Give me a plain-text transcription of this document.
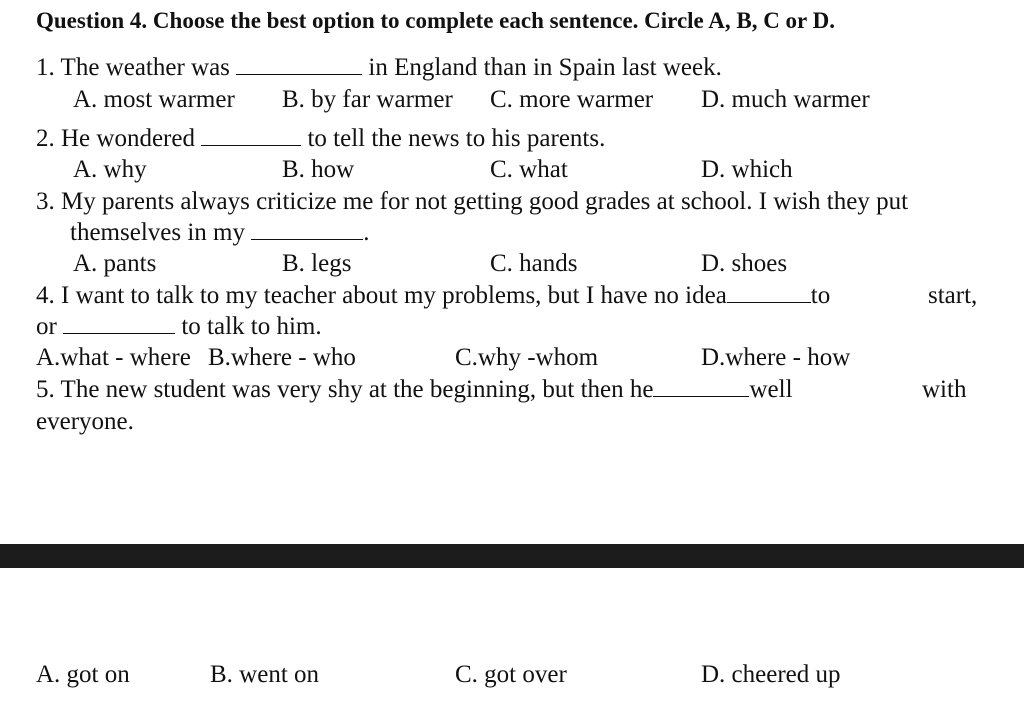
Question 4. Choose the best option to complete each sentence. Circle A, B, C or D.
1. The weather was	in England than in Spain last week.
A. most warmer B. by far warmer C. more warmer D. much warmer
2. He wondered	to tell the news to his parents.
A. why	B. how	C. what	D. which
3. My parents always criticize me for not getting good grades at school. I wish they put
themselves in my	.
A. pants	B. legs	C. hands	D. shoes
4. I want to talk to my teacher about my problems, but I have no idea	to	start,
or	to talk to him.
A.what - where B.where - who	C.why -whom	D.where - how
5. The new student was very shy at the beginning, but then he	well	with
everyone.
A. got on	B. went on	C. got over	D. cheered up
